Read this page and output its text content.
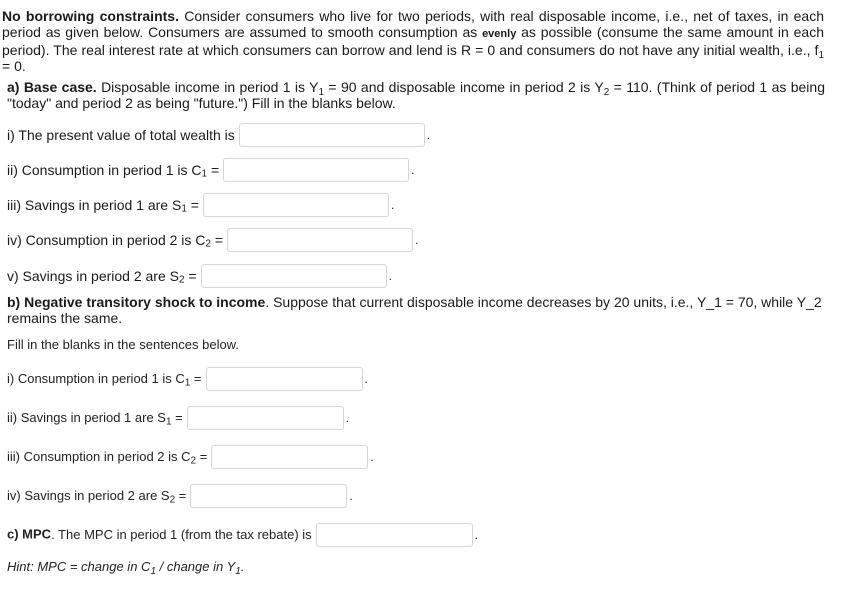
No borrowing constraints. Consider consumers who live for two periods, with real disposable income, i.e., net of taxes, in each period as given below. Consumers are assumed to smooth consumption as evenly as possible (consume the same amount in each period). The real interest rate at which consumers can borrow and lend is R = 0 and consumers do not have any initial wealth, i.e., $f_1 = 0$.
a) Base case. Disposable income in period 1 is $Y_1 = 90$ and disposable income in period 2 is $Y_2 = 110$. (Think of period 1 as being "today" and period 2 as being "future.") Fill in the blanks below.
i) The present value of total wealth is	.
ii) Consumption in period 1 is $C_1$ =	.
iii) Savings in period 1 are $S_1$ =	.
iv) Consumption in period 2 is $C_2$ =	.
v) Savings in period 2 are $S_2$ =	.
b) Negative transitory shock to income. Suppose that current disposable income decreases by 20 units, i.e., Y_1 = 70, while Y_2 remains the same.
Fill in the blanks in the sentences below.
i) Consumption in period 1 is $C_1$ =	.
ii) Savings in period 1 are $S_1$ =	.
iii) Consumption in period 2 is $C_2$ =	.
iv) Savings in period 2 are $S_2$ =	.
c) MPC. The MPC in period 1 (from the tax rebate) is	.
Hint: MPC = change in $C_1$ / change in $Y_1$.
